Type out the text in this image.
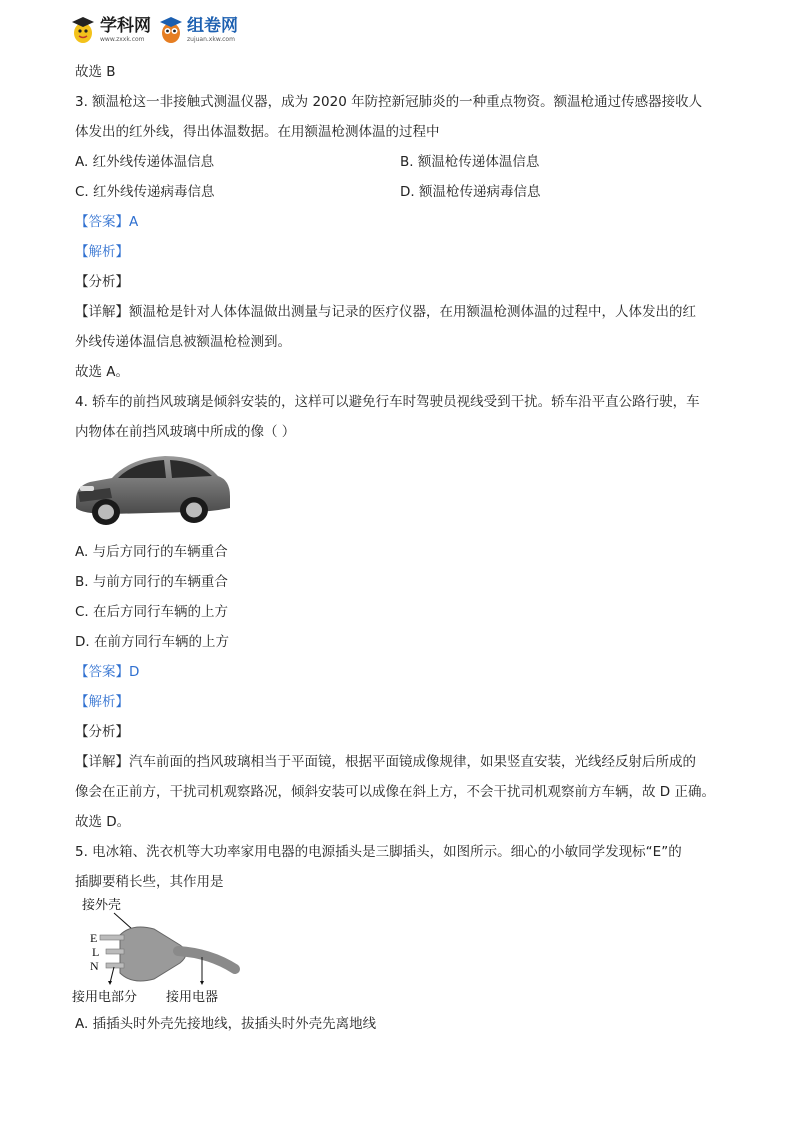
学科网
www.zxxk.com
组卷网
zujuan.xkw.com
故选 B
3. 额温枪这一非接触式测温仪器，成为 2020 年防控新冠肺炎的一种重点物资。额温枪通过传感器接收人
体发出的红外线，得出体温数据。在用额温枪测体温的过程中
A. 红外线传递体温信息	B. 额温枪传递体温信息
C. 红外线传递病毒信息	D. 额温枪传递病毒信息
【答案】A
【解析】
【分析】
【详解】额温枪是针对人体体温做出测量与记录的医疗仪器，在用额温枪测体温的过程中，人体发出的红
外线传递体温信息被额温枪检测到。
故选 A。
4. 轿车的前挡风玻璃是倾斜安装的，这样可以避免行车时驾驶员视线受到干扰。轿车沿平直公路行驶，车
内物体在前挡风玻璃中所成的像（ ）
A. 与后方同行的车辆重合
B. 与前方同行的车辆重合
C. 在后方同行车辆的上方
D. 在前方同行车辆的上方
【答案】D
【解析】
【分析】
【详解】汽车前面的挡风玻璃相当于平面镜，根据平面镜成像规律，如果竖直安装，光线经反射后所成的
像会在正前方，干扰司机观察路况，倾斜安装可以成像在斜上方，不会干扰司机观察前方车辆，故 D 正确。
故选 D。
5. 电冰箱、洗衣机等大功率家用电器的电源插头是三脚插头，如图所示。细心的小敏同学发现标“E”的
插脚要稍长些，其作用是
接外壳
E
L
N
接用电部分 接用电器
A. 插插头时外壳先接地线，拔插头时外壳先离地线
